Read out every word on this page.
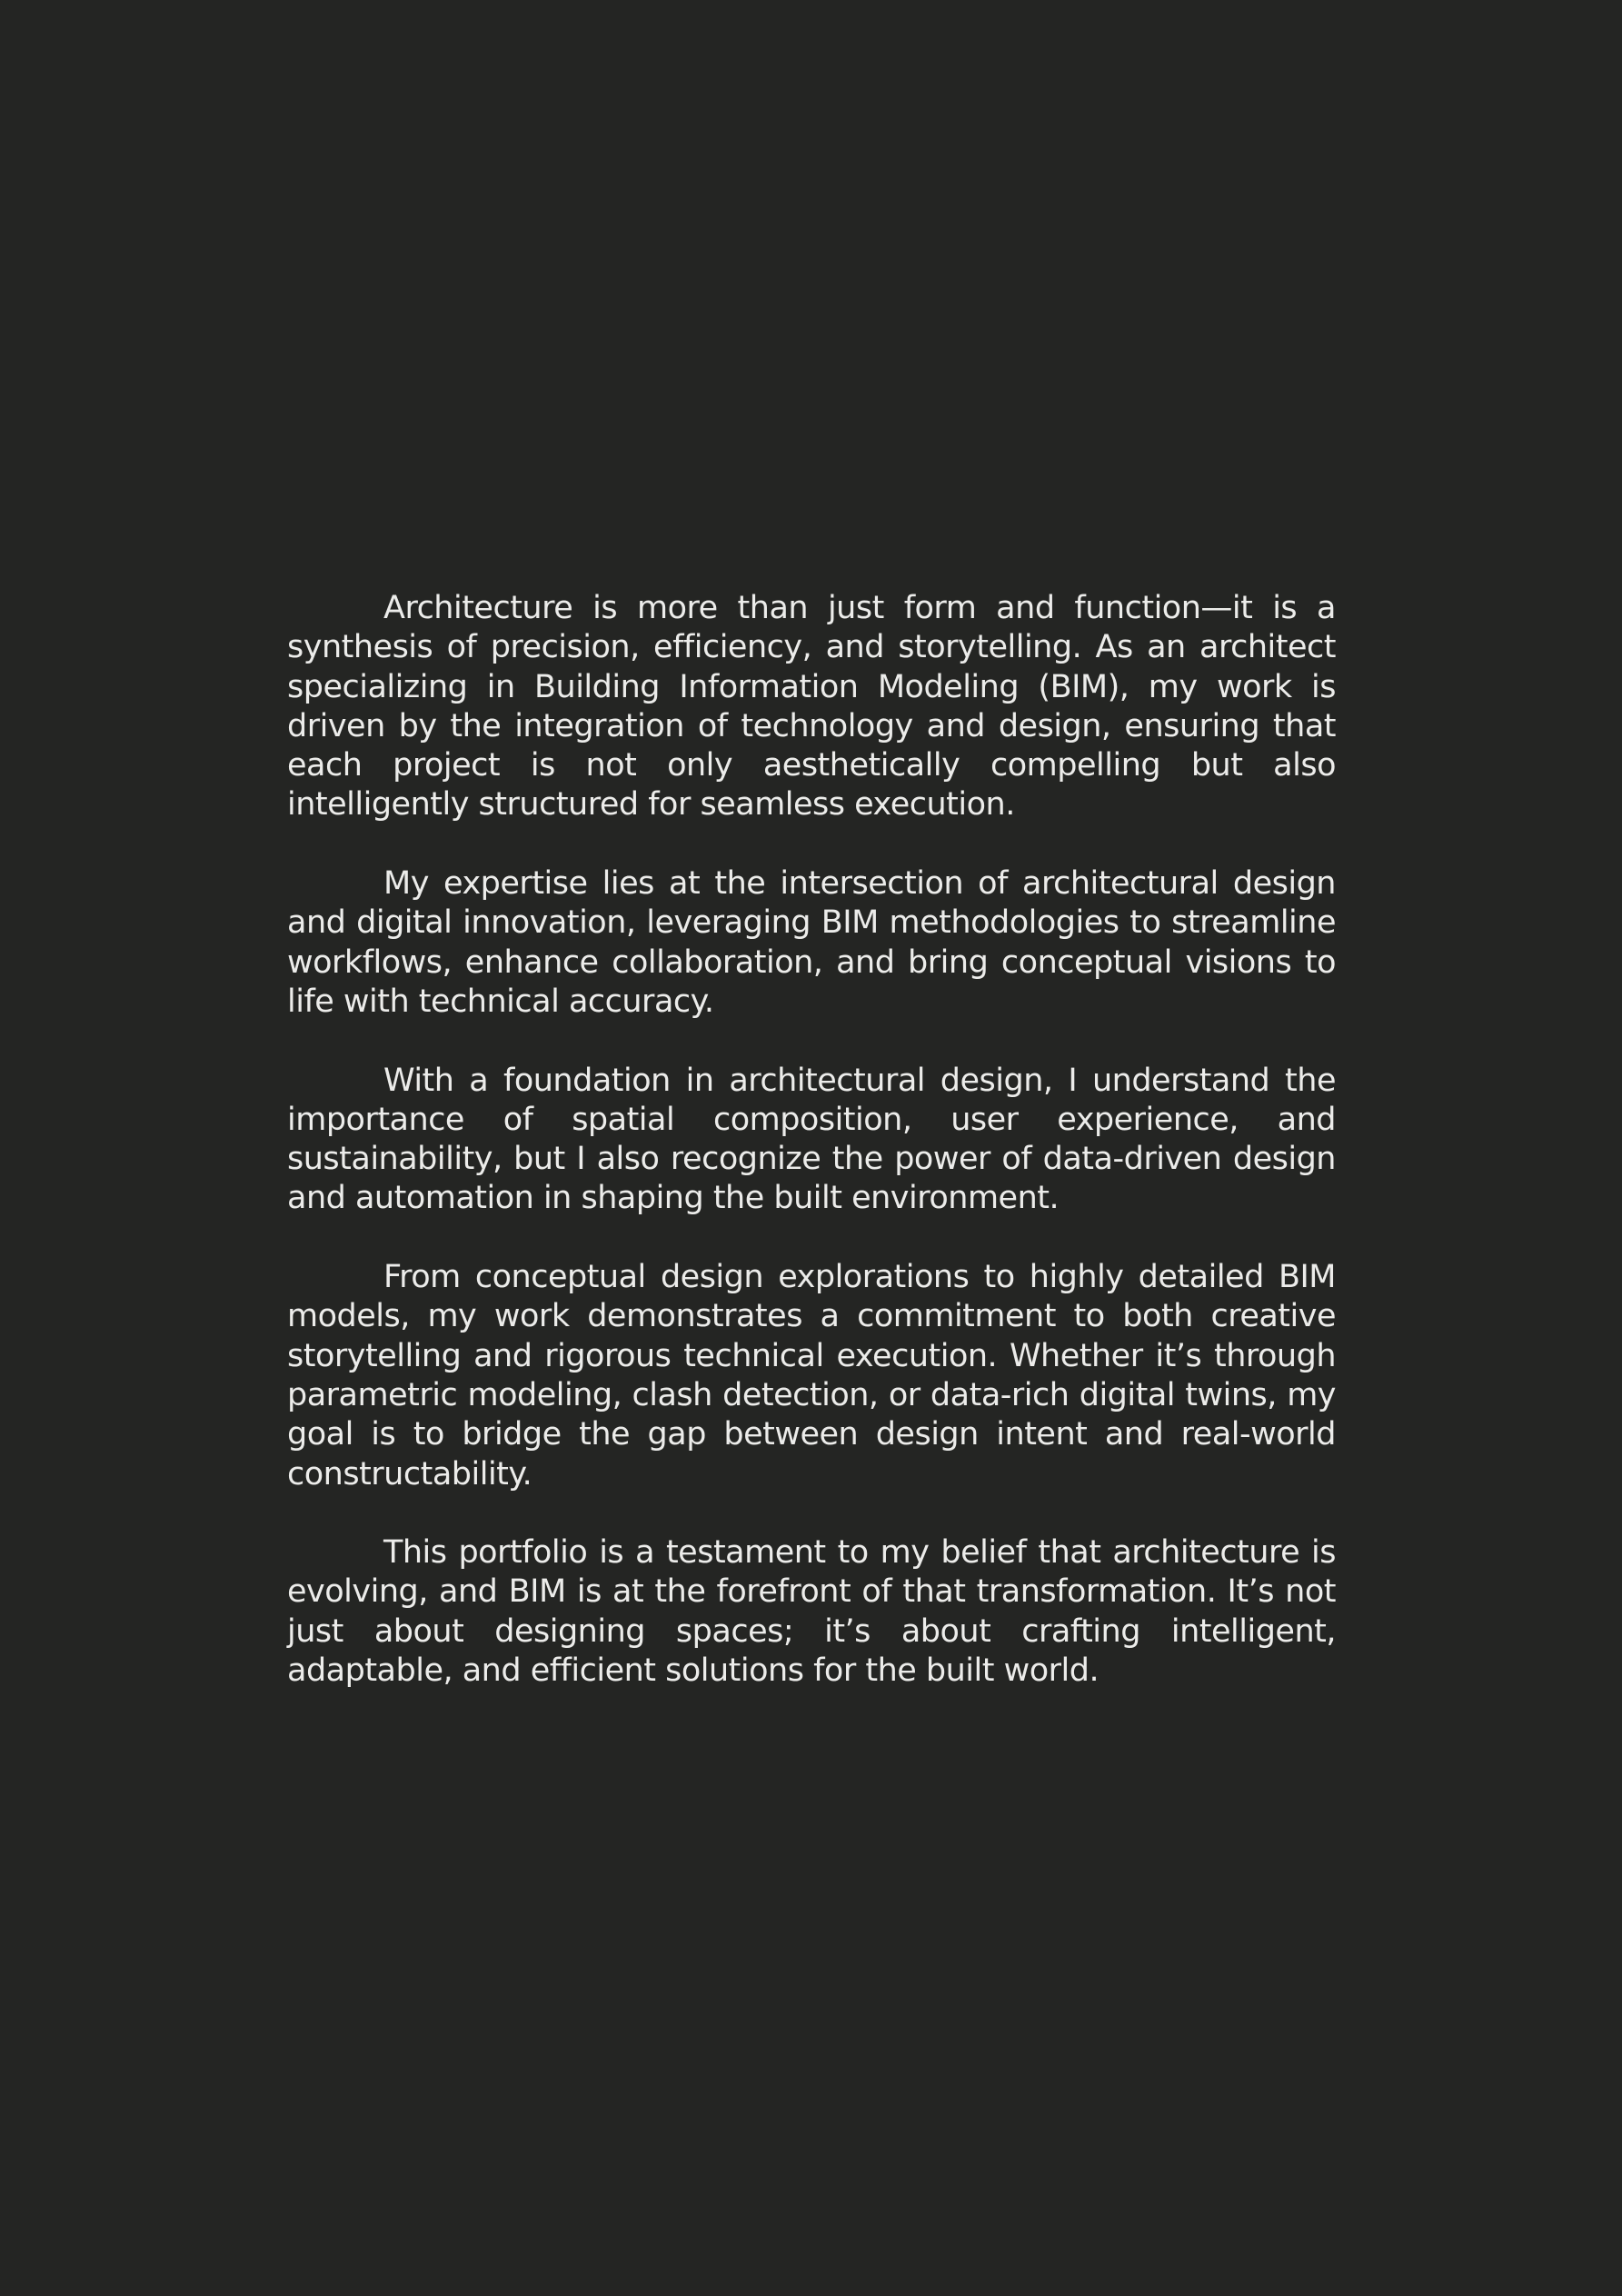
Architecture is more than just form and function—it is a synthesis of precision, efficiency, and storytelling. As an architect specializing in Building Information Modeling (BIM), my work is driven by the integration of technology and design, ensuring that each project is not only aesthetically compelling but also intelligently structured for seamless execution.

My expertise lies at the intersection of architectural design and digital innovation, leveraging BIM methodologies to streamline workflows, enhance collaboration, and bring conceptual visions to life with technical accuracy.

With a foundation in architectural design, I understand the importance of spatial composition, user experience, and sustainability, but I also recognize the power of data-driven design and automation in shaping the built environment.

From conceptual design explorations to highly detailed BIM models, my work demonstrates a commitment to both creative storytelling and rigorous technical execution. Whether it’s through parametric modeling, clash detection, or data-rich digital twins, my goal is to bridge the gap between design intent and real-world constructability.

This portfolio is a testament to my belief that architecture is evolving, and BIM is at the forefront of that transformation. It’s not just about designing spaces; it’s about crafting intelligent, adaptable, and efficient solutions for the built world.
